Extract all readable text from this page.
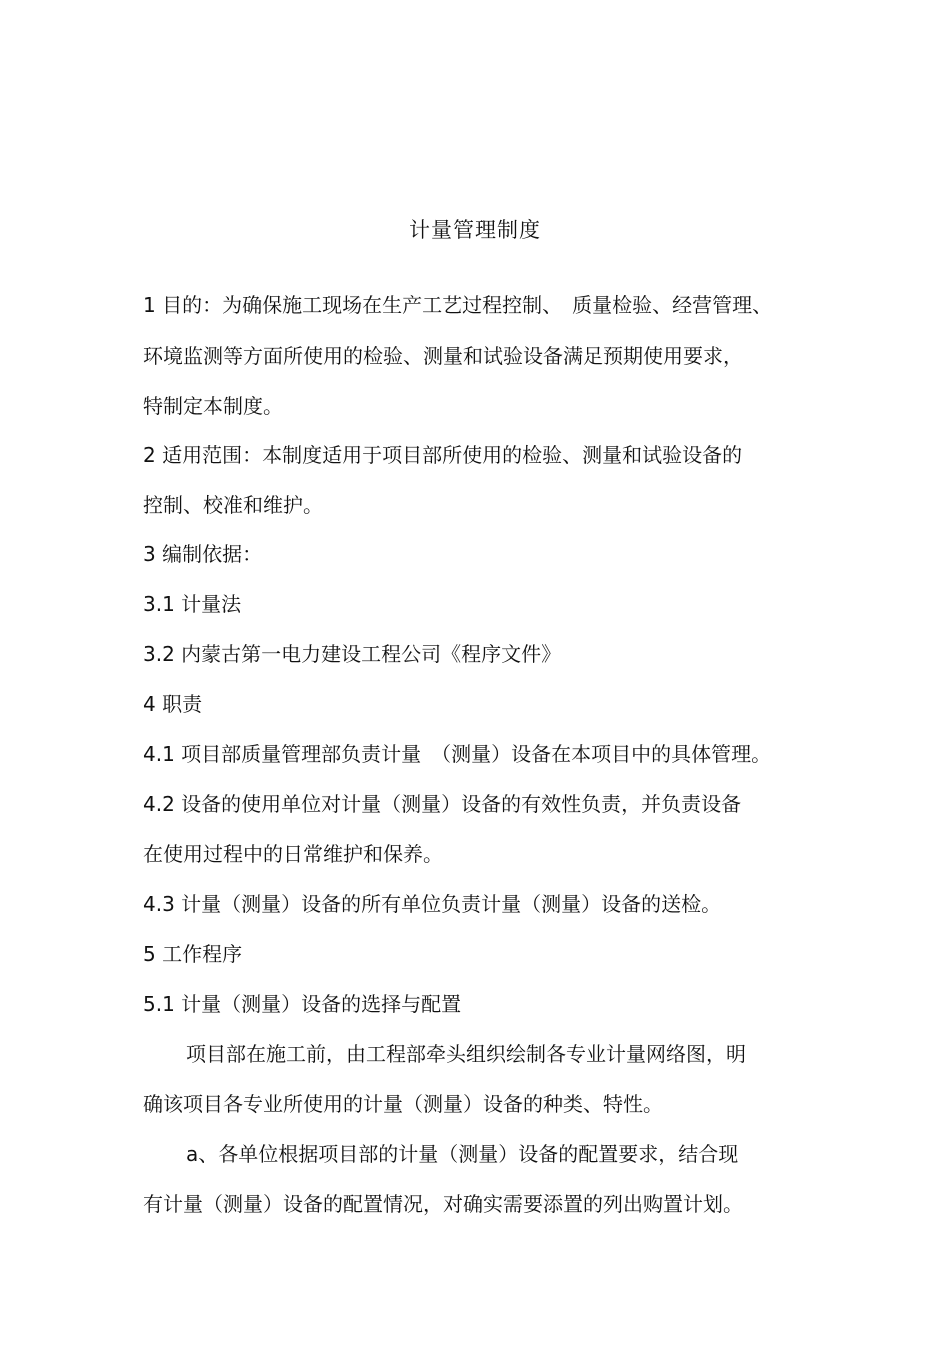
计量管理制度
1 目的：为确保施工现场在生产工艺过程控制、　质量检验、经营管理、
环境监测等方面所使用的检验、测量和试验设备满足预期使用要求，
特制定本制度。
2 适用范围：本制度适用于项目部所使用的检验、测量和试验设备的
控制、校准和维护。
3 编制依据：
3.1 计量法
3.2 内蒙古第一电力建设工程公司《程序文件》
4 职责
4.1 项目部质量管理部负责计量　（测量）设备在本项目中的具体管理。
4.2 设备的使用单位对计量（测量）设备的有效性负责，并负责设备
在使用过程中的日常维护和保养。
4.3 计量（测量）设备的所有单位负责计量（测量）设备的送检。
5 工作程序
5.1 计量（测量）设备的选择与配置
项目部在施工前，由工程部牵头组织绘制各专业计量网络图，明
确该项目各专业所使用的计量（测量）设备的种类、特性。
a、各单位根据项目部的计量（测量）设备的配置要求，结合现
有计量（测量）设备的配置情况，对确实需要添置的列出购置计划。
